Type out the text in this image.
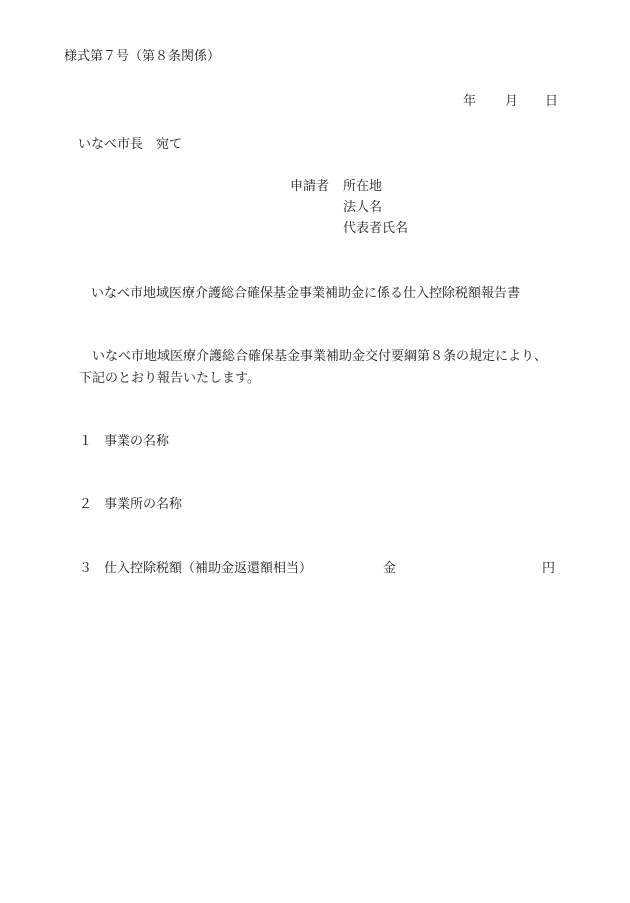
様式第７号（第８条関係）
年 月 日
いなべ市長　宛て
申請者 所在地
法人名
代表者氏名
いなべ市地域医療介護総合確保基金事業補助金に係る仕入控除税額報告書
いなべ市地域医療介護総合確保基金事業補助金交付要綱第８条の規定により、
下記のとおり報告いたします。
１ 事業の名称
２ 事業所の名称
３ 仕入控除税額（補助金返還額相当）	金	円
